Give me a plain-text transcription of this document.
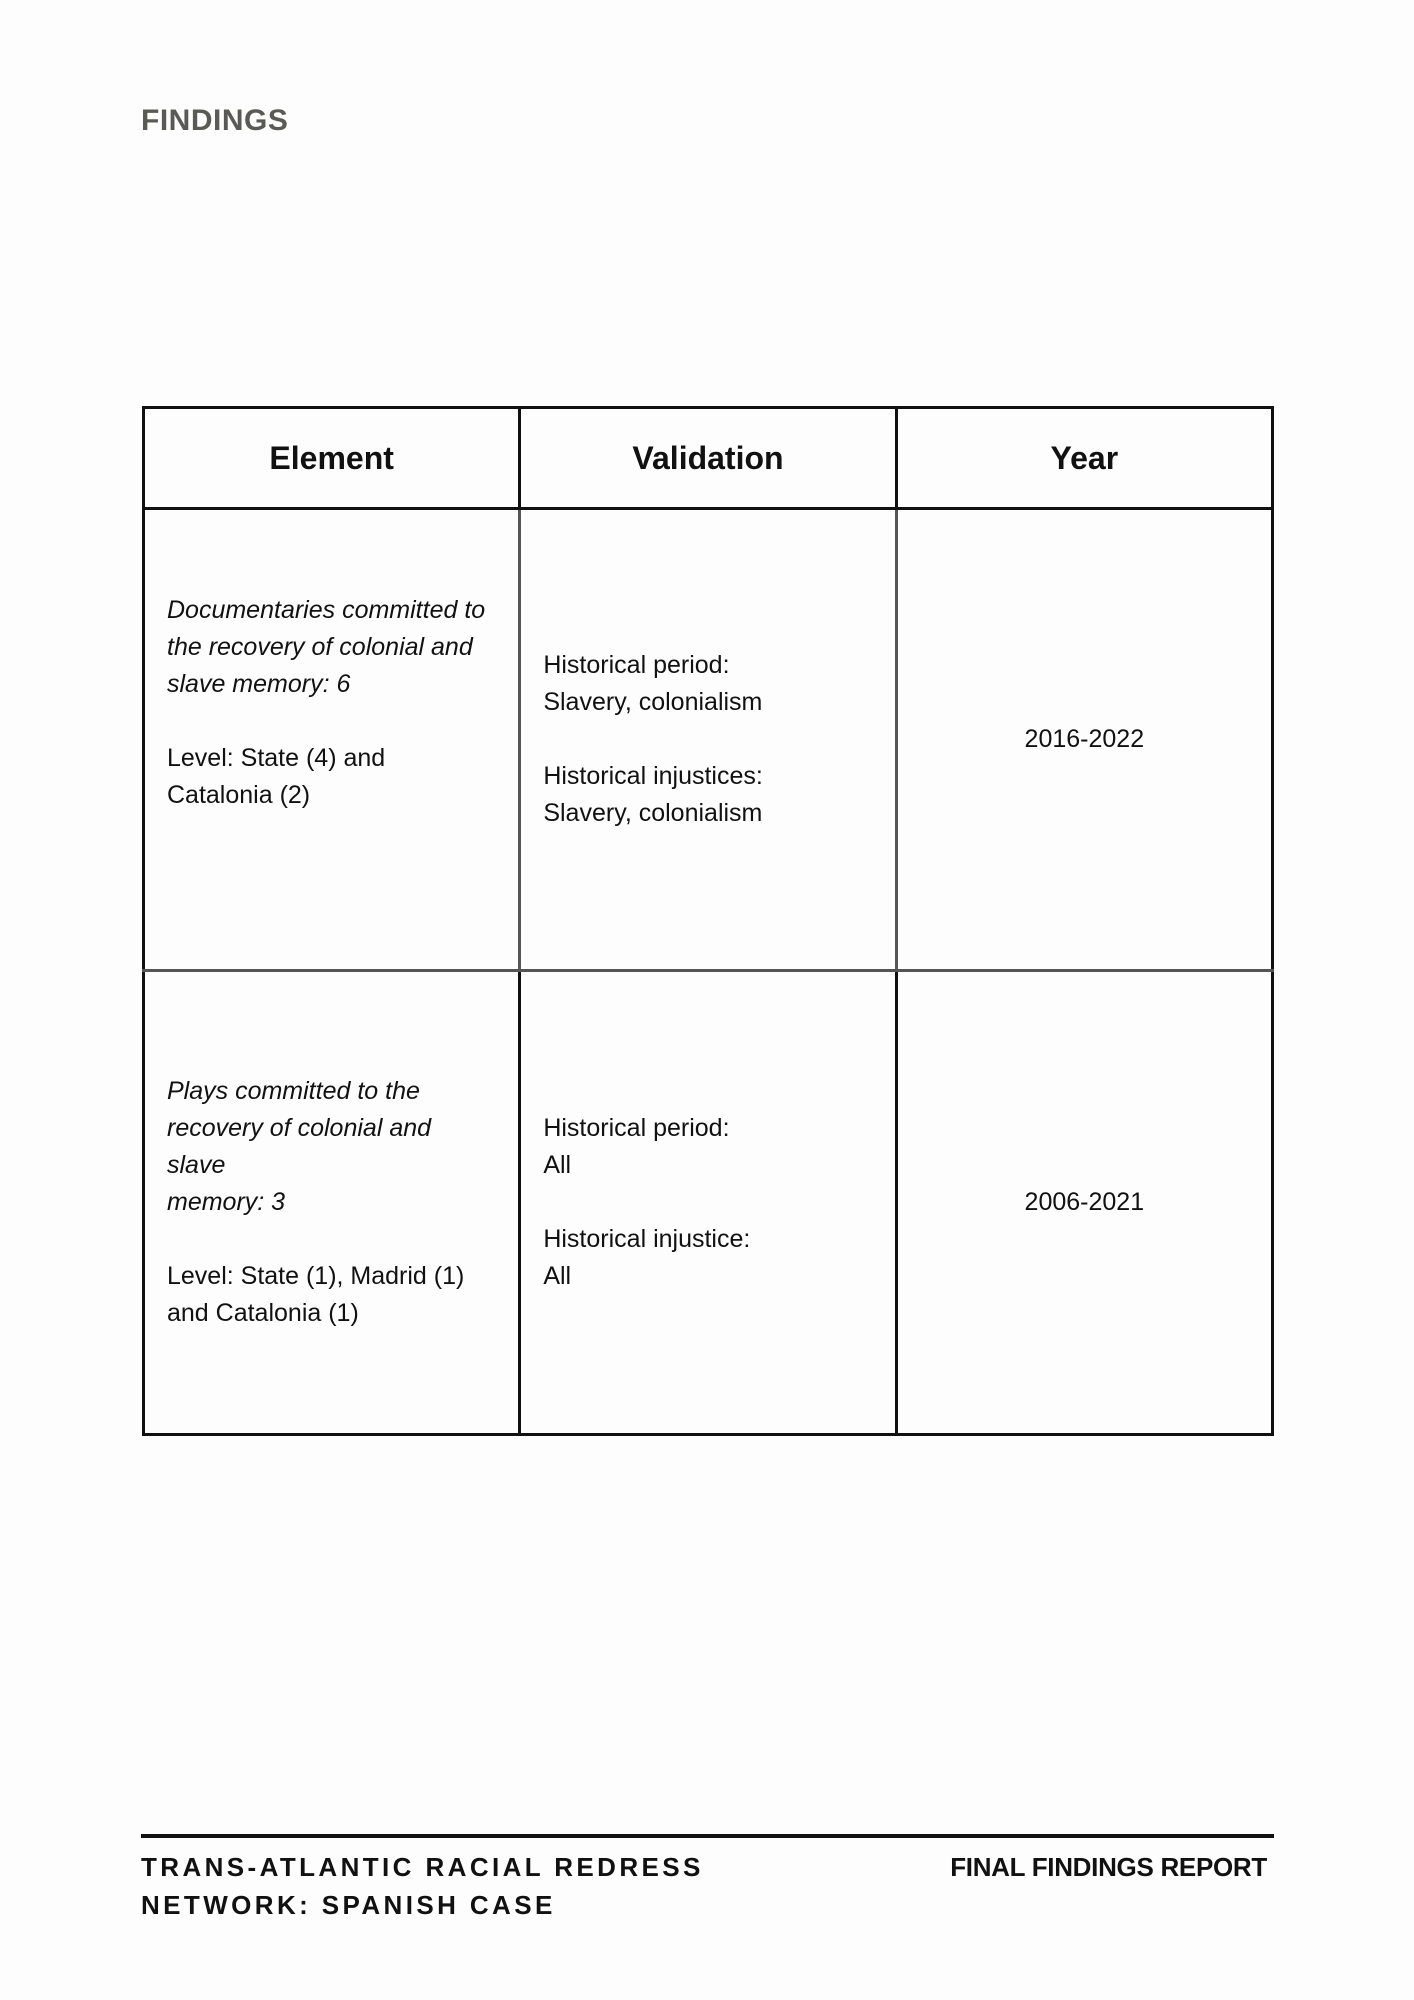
FINDINGS
Element	Validation	Year

Documentaries committed to
the recovery of colonial and
slave memory: 6
Level: State (4) and
Catalonia (2)	Historical period:
Slavery, colonialism
Historical injustices:
Slavery, colonialism	2016-2022

Plays committed to the
recovery of colonial and slave
memory: 3
Level: State (1), Madrid (1)
and Catalonia (1)	Historical period:
All
Historical injustice:
All	2006-2021
TRANS-ATLANTIC RACIAL REDRESS
NETWORK: SPANISH CASE
FINAL FINDINGS REPORT
